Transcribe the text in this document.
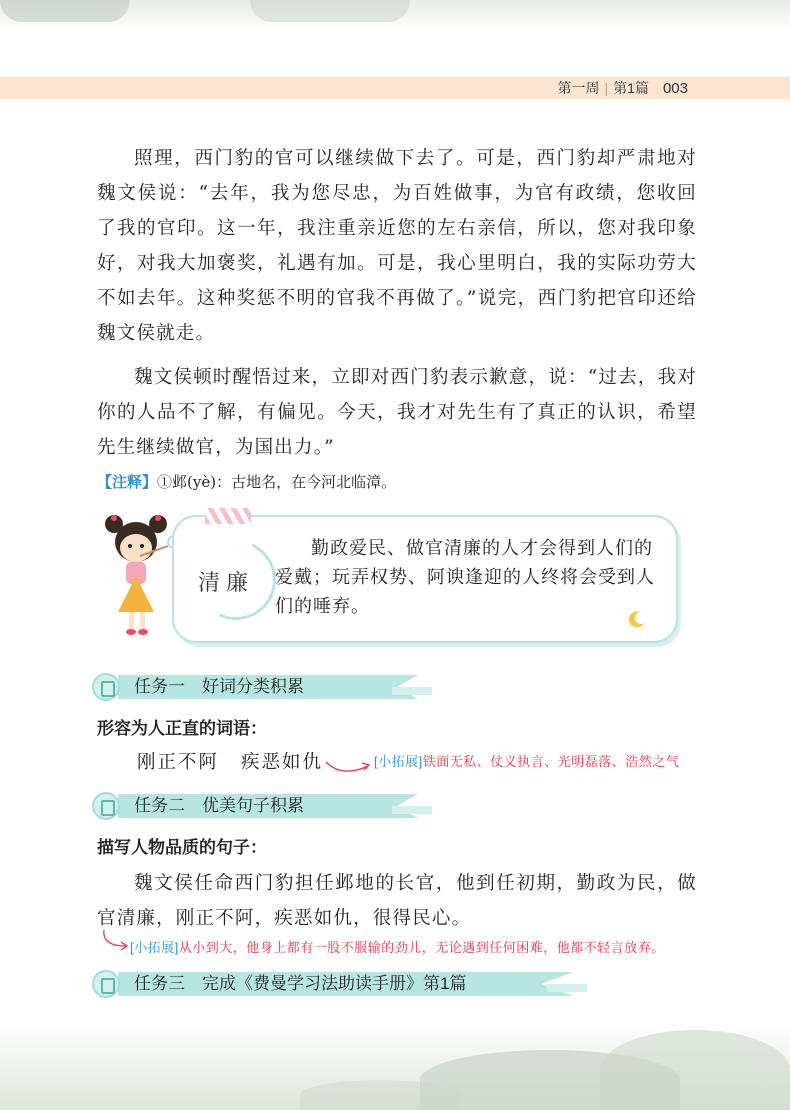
第一周 | 第1篇 003

照理，西门豹的官可以继续做下去了。可是，西门豹却严肃地对魏文侯说：“去年，我为您尽忠，为百姓做事，为官有政绩，您收回了我的官印。这一年，我注重亲近您的左右亲信，所以，您对我印象好，对我大加褒奖，礼遇有加。可是，我心里明白，我的实际功劳大不如去年。这种奖惩不明的官我不再做了。”说完，西门豹把官印还给魏文侯就走。

魏文侯顿时醒悟过来，立即对西门豹表示歉意，说：“过去，我对你的人品不了解，有偏见。今天，我才对先生有了真正的认识，希望先生继续做官，为国出力。”

【注释】①邺(yè)：古地名，在今河北临漳。
清廉

勤政爱民、做官清廉的人才会得到人们的爱戴；玩弄权势、阿谀逢迎的人终将会受到人们的唾弃。

任务一　好词分类积累
形容为人正直的词语：
刚正不阿 疾恶如仇	[小拓展]铁面无私、仗义执言、光明磊落、浩然之气
任务二　优美句子积累
描写人物品质的句子：

魏文侯任命西门豹担任邺地的长官，他到任初期，勤政为民，做官清廉，刚正不阿，疾恶如仇，很得民心。

[小拓展]从小到大，他身上都有一股不服输的劲儿，无论遇到任何困难，他都不轻言放弃。
任务三　完成《费曼学习法助读手册》第1篇
